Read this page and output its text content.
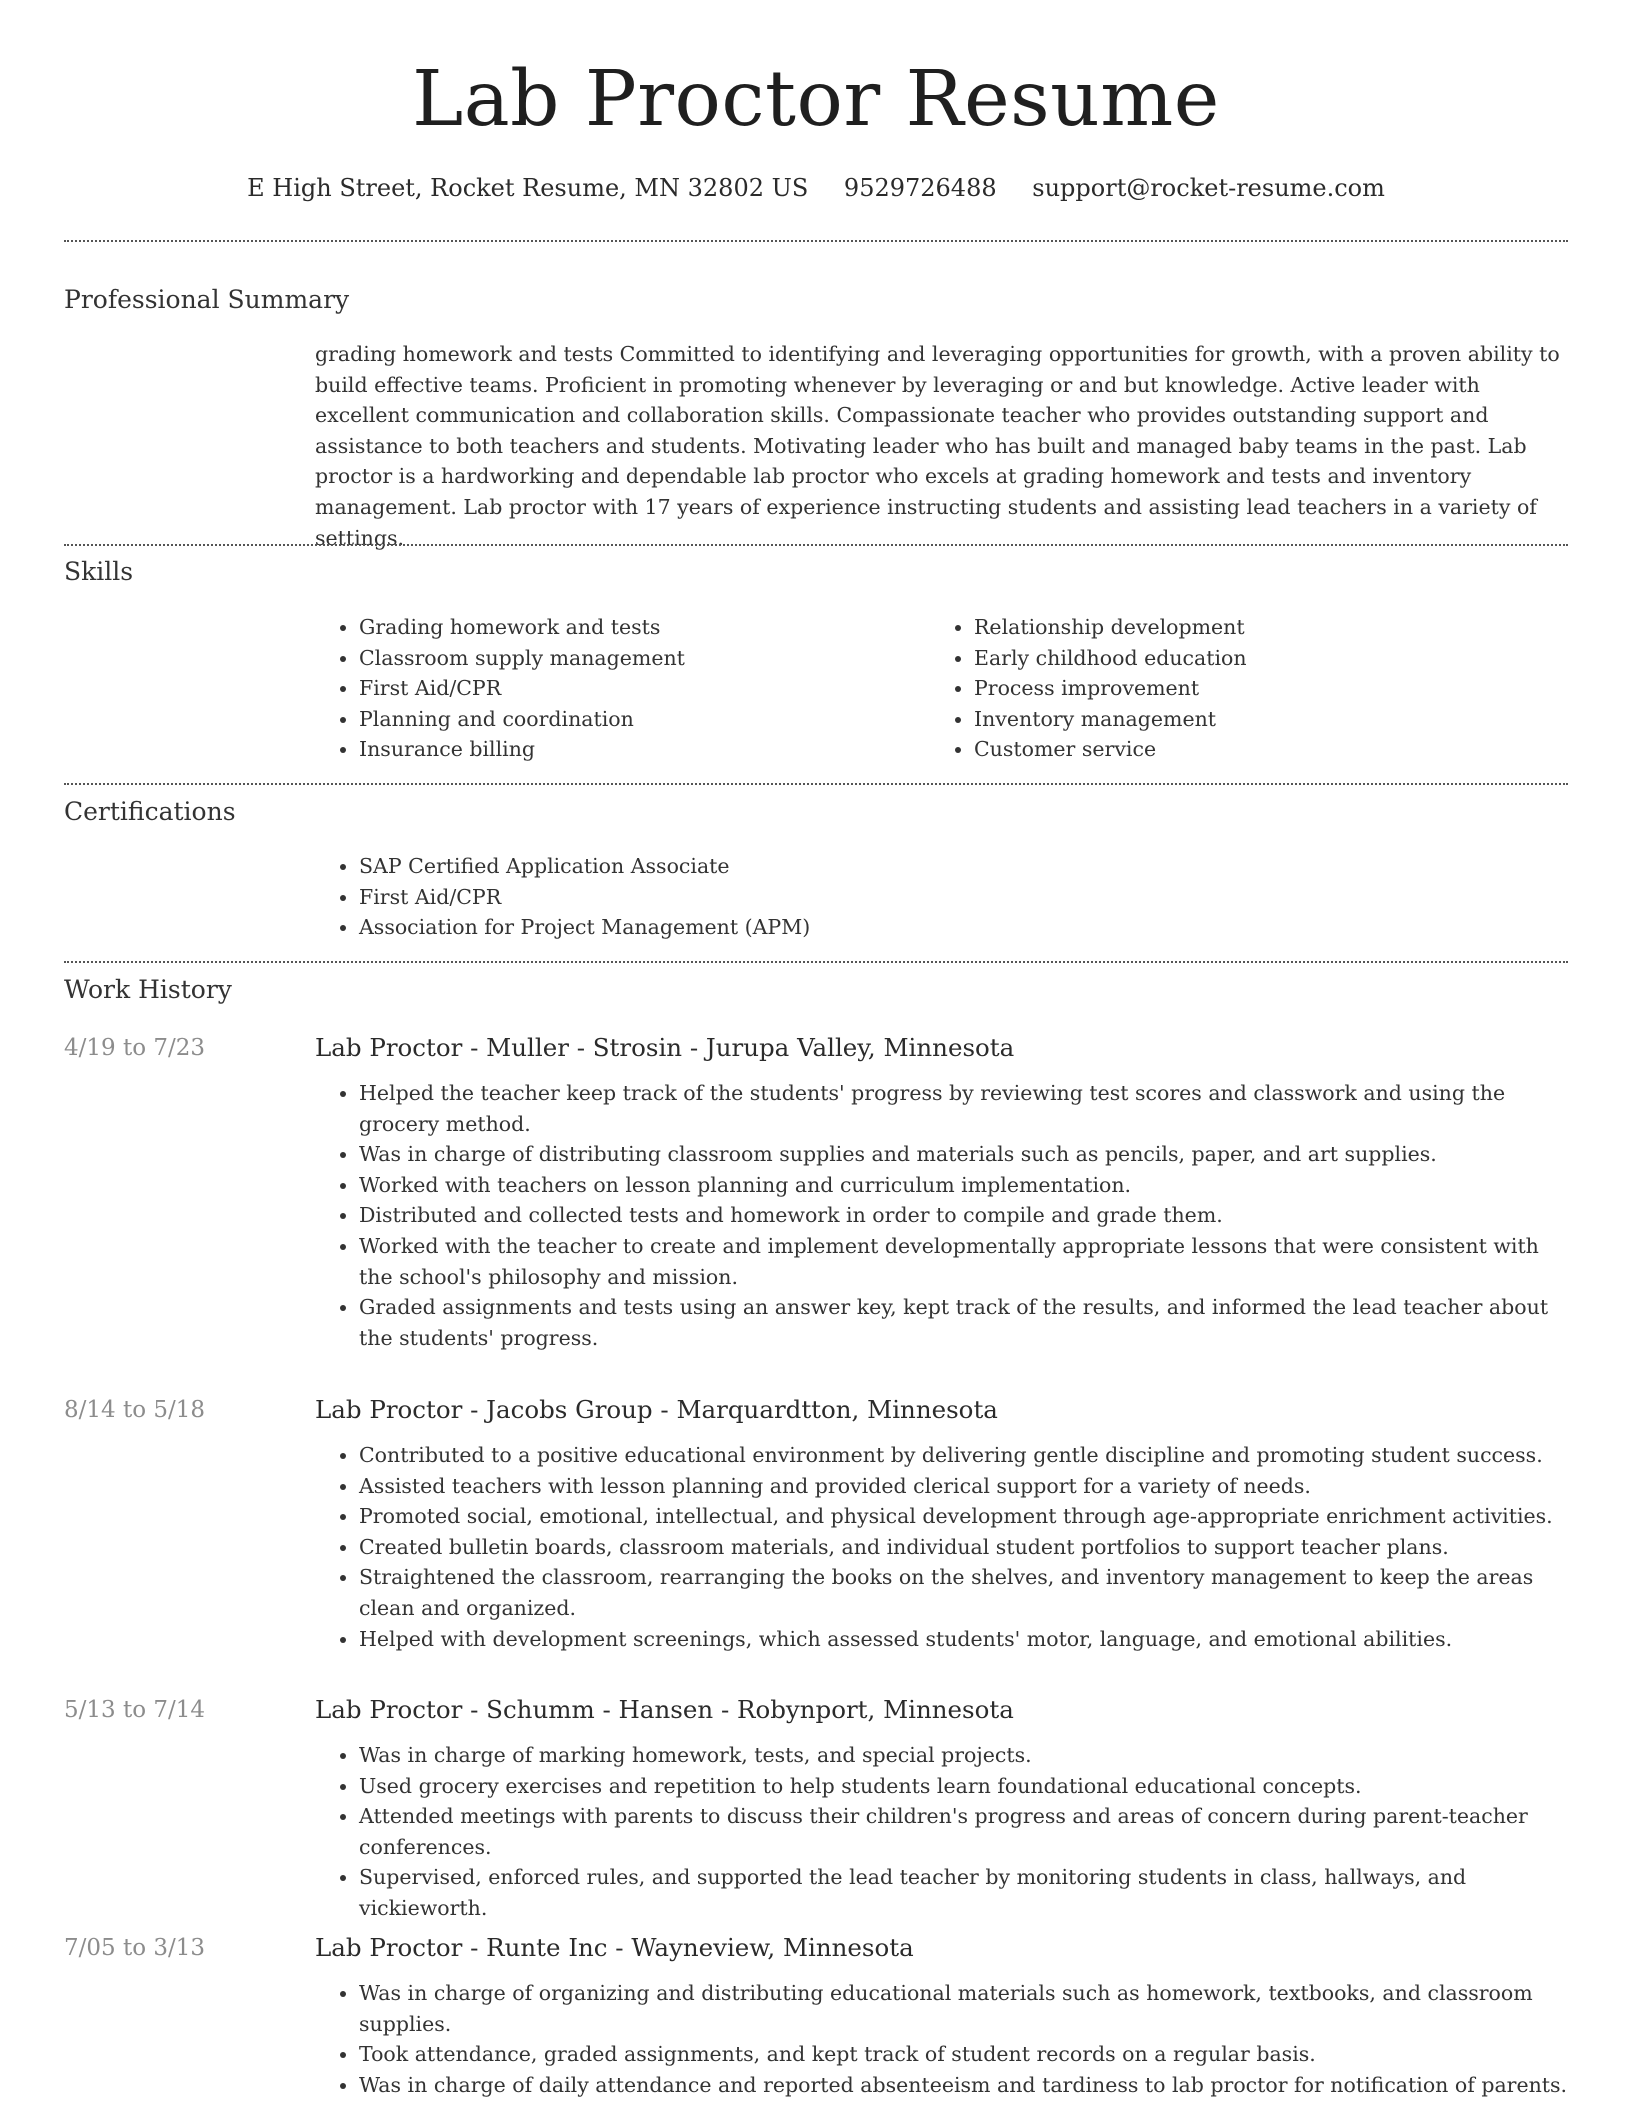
Lab Proctor Resume
E High Street, Rocket Resume, MN 32802 US 9529726488 support@rocket-resume.com
Professional Summary

grading homework and tests Committed to identifying and leveraging opportunities for growth, with a proven ability to build effective teams. Proficient in promoting whenever by leveraging or and but knowledge. Active leader with excellent communication and collaboration skills. Compassionate teacher who provides outstanding support and assistance to both teachers and students. Motivating leader who has built and managed baby teams in the past. Lab proctor is a hardworking and dependable lab proctor who excels at grading homework and tests and inventory management. Lab proctor with 17 years of experience instructing students and assisting lead teachers in a variety of settings.

Skills
• Grading homework and tests
• Classroom supply management
• First Aid/CPR
• Planning and coordination
• Insurance billing
• Relationship development
• Early childhood education
• Process improvement
• Inventory management
• Customer service
Certifications
• SAP Certified Application Associate
• First Aid/CPR
• Association for Project Management (APM)
Work History
4/19 to 7/23	Lab Proctor - Muller - Strosin - Jurupa Valley, Minnesota
• Helped the teacher keep track of the students' progress by reviewing test scores and classwork and using the grocery method.
• Was in charge of distributing classroom supplies and materials such as pencils, paper, and art supplies.
• Worked with teachers on lesson planning and curriculum implementation.
• Distributed and collected tests and homework in order to compile and grade them.
• Worked with the teacher to create and implement developmentally appropriate lessons that were consistent with the school's philosophy and mission.
• Graded assignments and tests using an answer key, kept track of the results, and informed the lead teacher about the students' progress.
8/14 to 5/18	Lab Proctor - Jacobs Group - Marquardtton, Minnesota
• Contributed to a positive educational environment by delivering gentle discipline and promoting student success.
• Assisted teachers with lesson planning and provided clerical support for a variety of needs.
• Promoted social, emotional, intellectual, and physical development through age-appropriate enrichment activities.
• Created bulletin boards, classroom materials, and individual student portfolios to support teacher plans.
• Straightened the classroom, rearranging the books on the shelves, and inventory management to keep the areas clean and organized.
• Helped with development screenings, which assessed students' motor, language, and emotional abilities.
5/13 to 7/14	Lab Proctor - Schumm - Hansen - Robynport, Minnesota
• Was in charge of marking homework, tests, and special projects.
• Used grocery exercises and repetition to help students learn foundational educational concepts.
• Attended meetings with parents to discuss their children's progress and areas of concern during parent-teacher conferences.
• Supervised, enforced rules, and supported the lead teacher by monitoring students in class, hallways, and vickieworth.
7/05 to 3/13	Lab Proctor - Runte Inc - Wayneview, Minnesota
• Was in charge of organizing and distributing educational materials such as homework, textbooks, and classroom supplies.
• Took attendance, graded assignments, and kept track of student records on a regular basis.
• Was in charge of daily attendance and reported absenteeism and tardiness to lab proctor for notification of parents.
